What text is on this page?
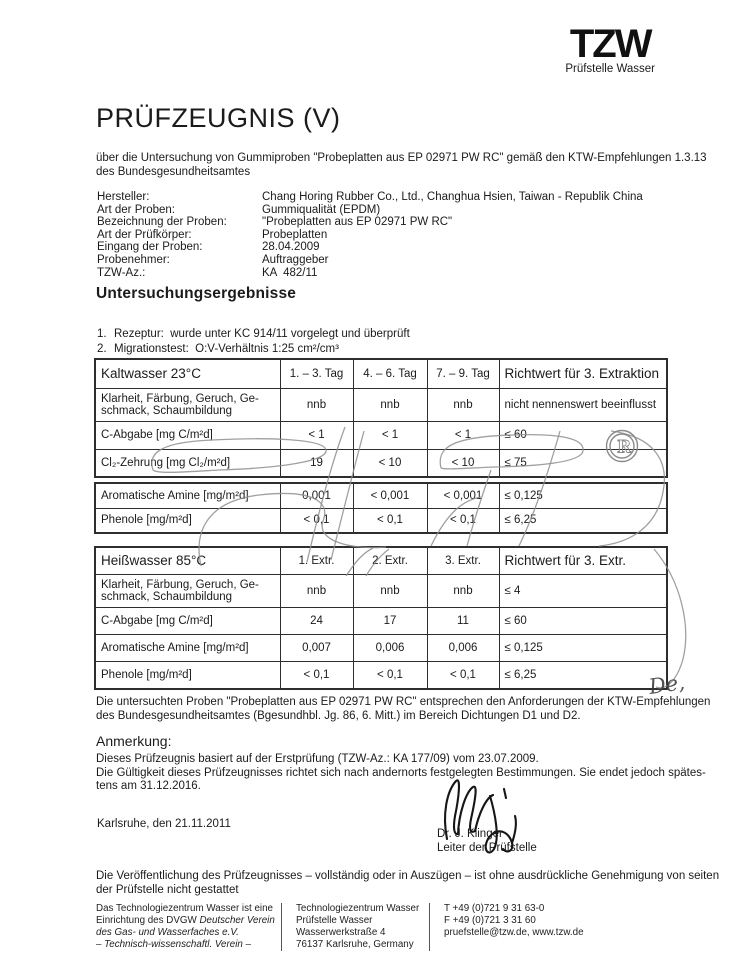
TZW
Prüfstelle Wasser
PRÜFZEUGNIS (V)
über die Untersuchung von Gummiproben "Probeplatten aus EP 02971 PW RC" gemäß den KTW-Empfehlungen 1.3.13
des Bundesgesundheitsamtes
Hersteller:	Chang Horing Rubber Co., Ltd., Changhua Hsien, Taiwan - Republik China
Art der Proben:	Gummiqualität (EPDM)
Bezeichnung der Proben:	"Probeplatten aus EP 02971 PW RC"
Art der Prüfkörper:	Probeplatten
Eingang der Proben:	28.04.2009
Probenehmer:	Auftraggeber
TZW-Az.:	KA  482/11
Untersuchungsergebnisse
1. Rezeptur:  wurde unter KC 914/11 vorgelegt und überprüft
2. Migrationstest:  O:V-Verhältnis 1:25 cm²/cm³
Kaltwasser 23°C	1. – 3. Tag	4. – 6. Tag	7. – 9. Tag	Richtwert für 3. Extraktion
Klarheit, Färbung, Geruch, Ge-schmack, Schaumbildung	nnb	nnb	nnb	nicht nennenswert beeinflusst
C-Abgabe [mg C/m²d]	< 1	< 1	< 1	≤ 60
Cl₂-Zehrung [mg Cl₂/m²d]	19	< 10	< 10	≤ 75
Aromatische Amine [mg/m²d]	0,001	< 0,001	< 0,001	≤ 0,125
Phenole [mg/m²d]	< 0,1	< 0,1	< 0,1	≤ 6,25
Heißwasser 85°C	1. Extr.	2. Extr.	3. Extr.	Richtwert für 3. Extr.
Klarheit, Färbung, Geruch, Ge-schmack, Schaumbildung	nnb	nnb	nnb	≤ 4
C-Abgabe [mg C/m²d]	24	17	11	≤ 60
Aromatische Amine [mg/m²d]	0,007	0,006	0,006	≤ 0,125
Phenole [mg/m²d]	< 0,1	< 0,1	< 0,1	≤ 6,25
Die untersuchten Proben "Probeplatten aus EP 02971 PW RC" entsprechen den Anforderungen der KTW-Empfehlungen
des Bundesgesundheitsamtes (Bgesundhbl. Jg. 86, 6. Mitt.) im Bereich Dichtungen D1 und D2.
Anmerkung:
Dieses Prüfzeugnis basiert auf der Erstprüfung (TZW-Az.: KA 177/09) vom 23.07.2009.
Die Gültigkeit dieses Prüfzeugnisses richtet sich nach andernorts festgelegten Bestimmungen. Sie endet jedoch spätes-
tens am 31.12.2016.
Karlsruhe, den 21.11.2011
Dr. J. Klinger
Leiter der Prüfstelle
Die Veröffentlichung des Prüfzeugnisses – vollständig oder in Auszügen – ist ohne ausdrückliche Genehmigung von seiten
der Prüfstelle nicht gestattet
Das Technologiezentrum Wasser ist eine
Einrichtung des DVGW Deutscher Verein
des Gas- und Wasserfaches e.V.
– Technisch-wissenschaftl. Verein –
Technologiezentrum Wasser
Prüfstelle Wasser
Wasserwerkstraße 4
76137 Karlsruhe, Germany
T +49 (0)721 9 31 63-0
F +49 (0)721 3 31 60
pruefstelle@tzw.de, www.tzw.de
R
De,
